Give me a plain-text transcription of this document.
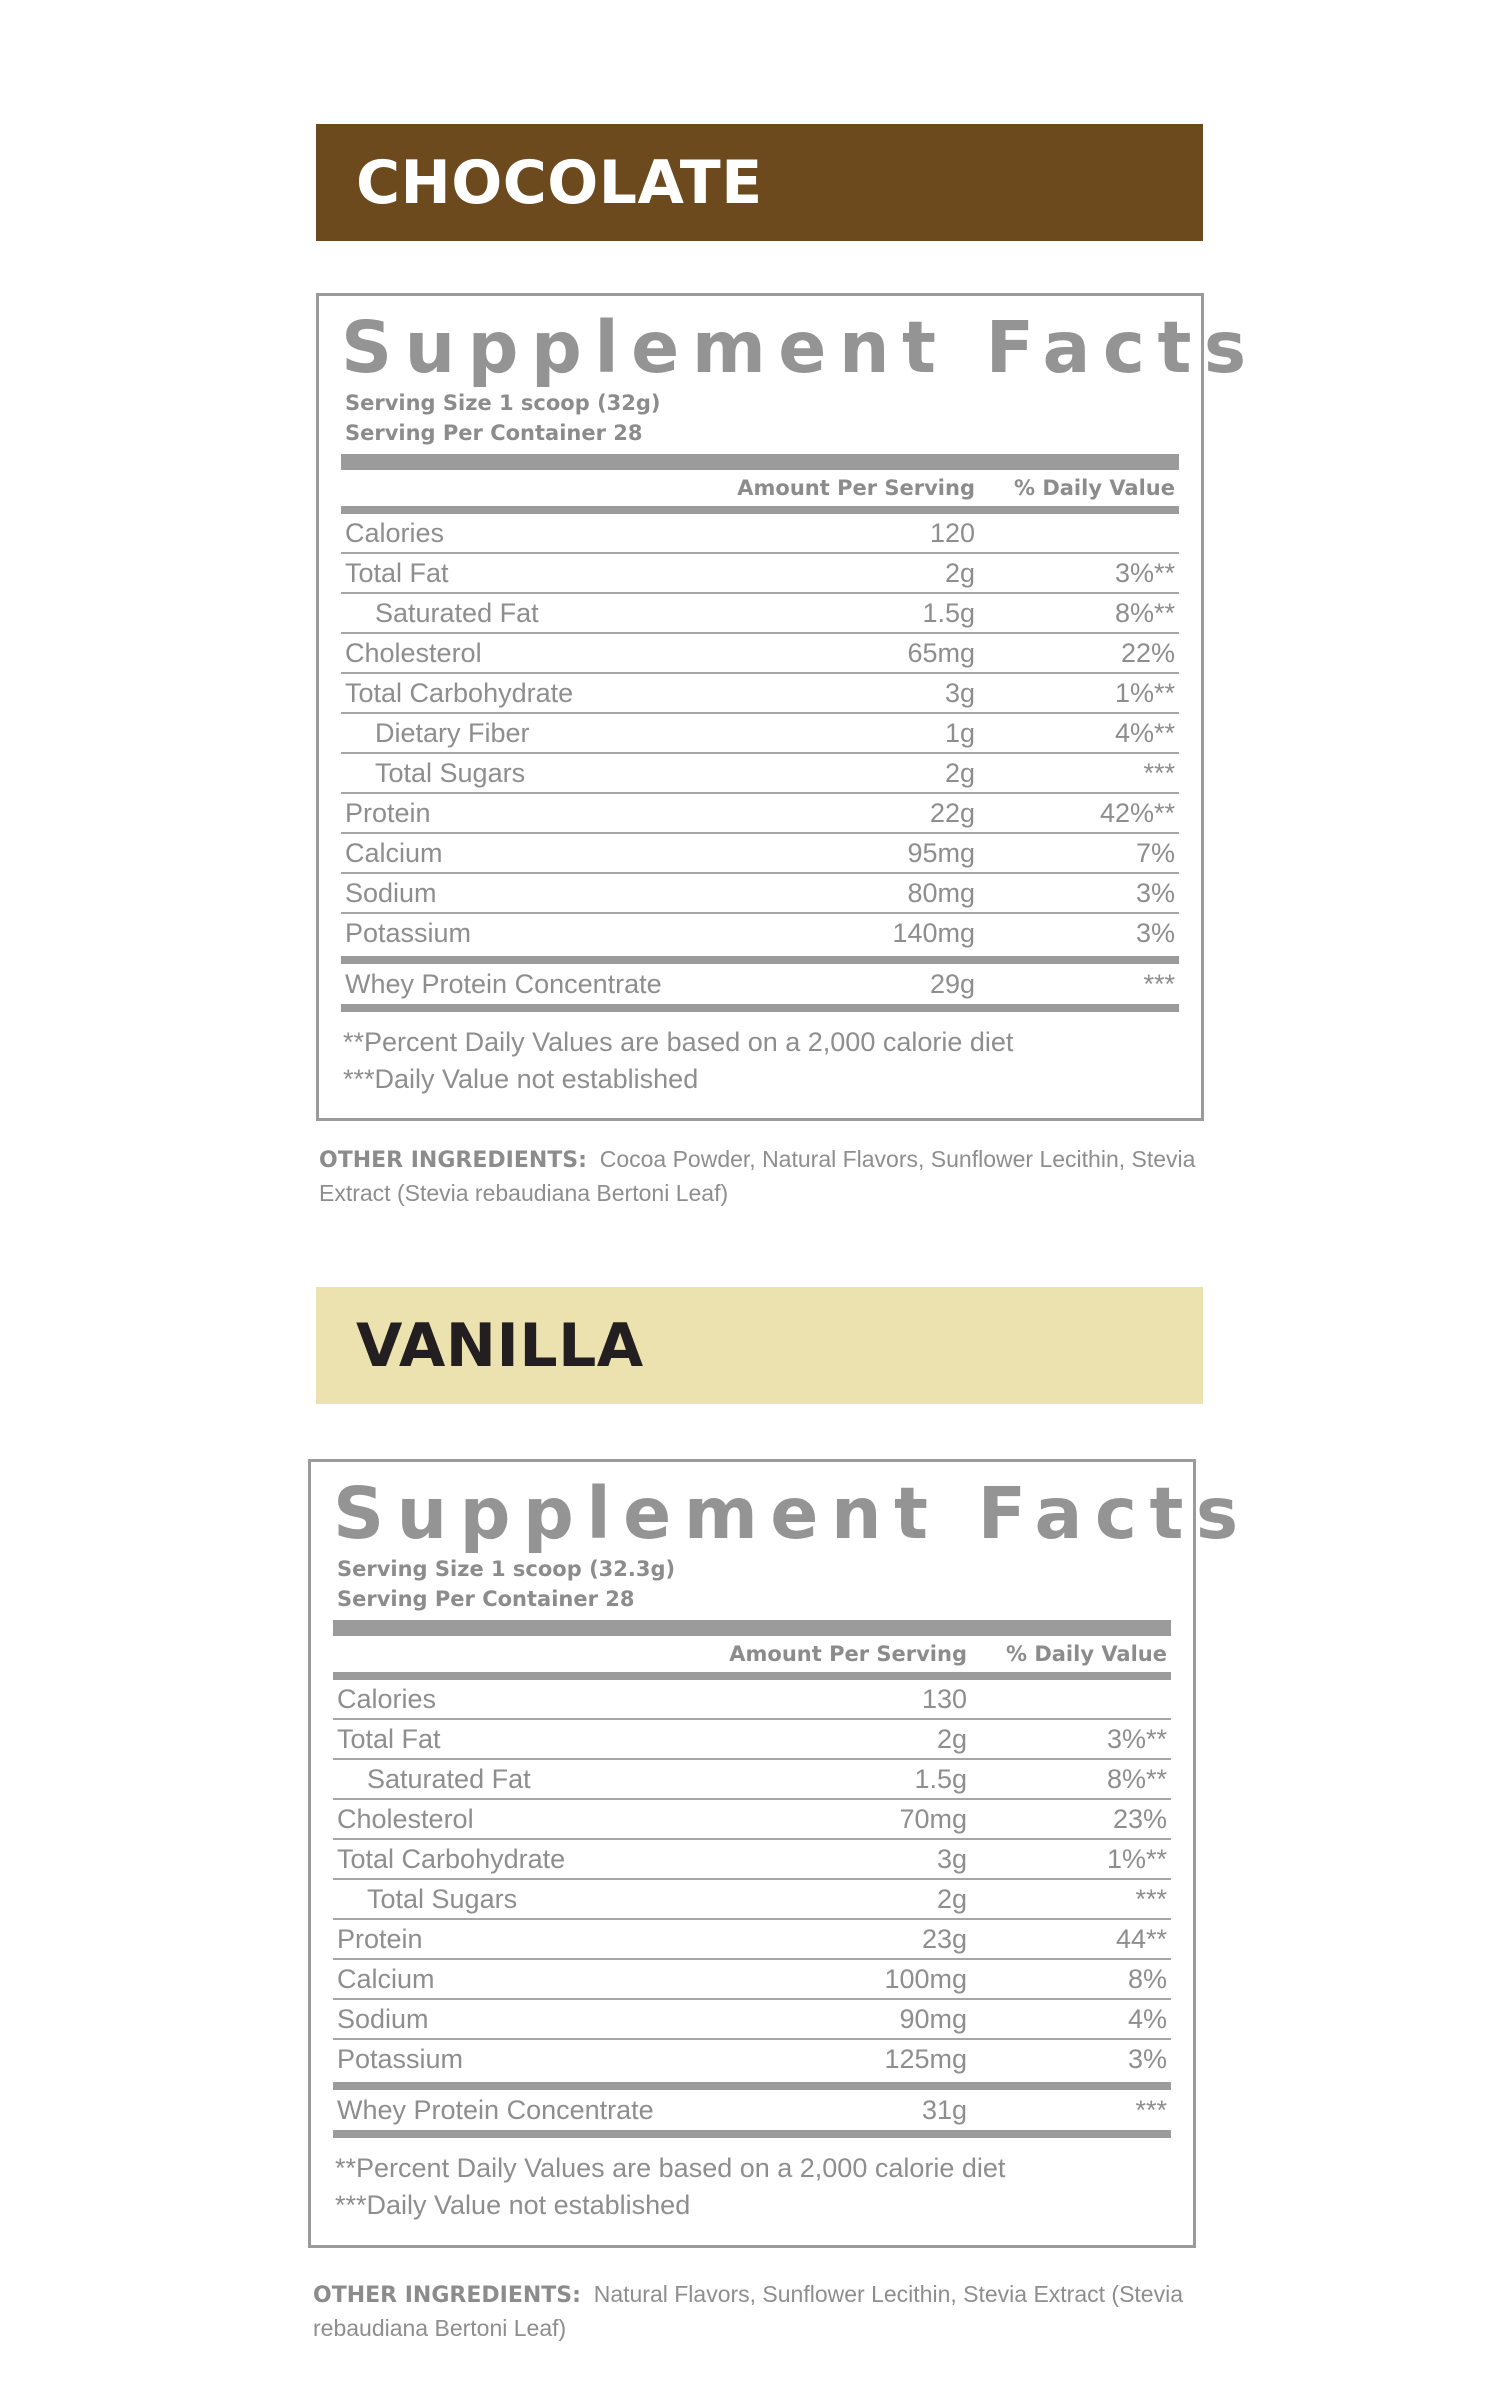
CHOCOLATE
Supplement Facts
Serving Size 1 scoop (32g)
Serving Per Container 28
Amount Per Serving	% Daily Value
Calories	120
Total Fat	2g	3%**
Saturated Fat	1.5g	8%**
Cholesterol	65mg	22%
Total Carbohydrate	3g	1%**
Dietary Fiber	1g	4%**
Total Sugars	2g	***
Protein	22g	42%**
Calcium	95mg	7%
Sodium	80mg	3%
Potassium	140mg	3%
Whey Protein Concentrate	29g	***
**Percent Daily Values are based on a 2,000 calorie diet
***Daily Value not established
OTHER INGREDIENTS: Cocoa Powder, Natural Flavors, Sunflower Lecithin, Stevia Extract (Stevia rebaudiana Bertoni Leaf)
VANILLA
Supplement Facts
Serving Size 1 scoop (32.3g)
Serving Per Container 28
Amount Per Serving	% Daily Value
Calories	130
Total Fat	2g	3%**
Saturated Fat	1.5g	8%**
Cholesterol	70mg	23%
Total Carbohydrate	3g	1%**
Total Sugars	2g	***
Protein	23g	44**
Calcium	100mg	8%
Sodium	90mg	4%
Potassium	125mg	3%
Whey Protein Concentrate	31g	***
**Percent Daily Values are based on a 2,000 calorie diet
***Daily Value not established
OTHER INGREDIENTS: Natural Flavors, Sunflower Lecithin, Stevia Extract (Stevia rebaudiana Bertoni Leaf)
